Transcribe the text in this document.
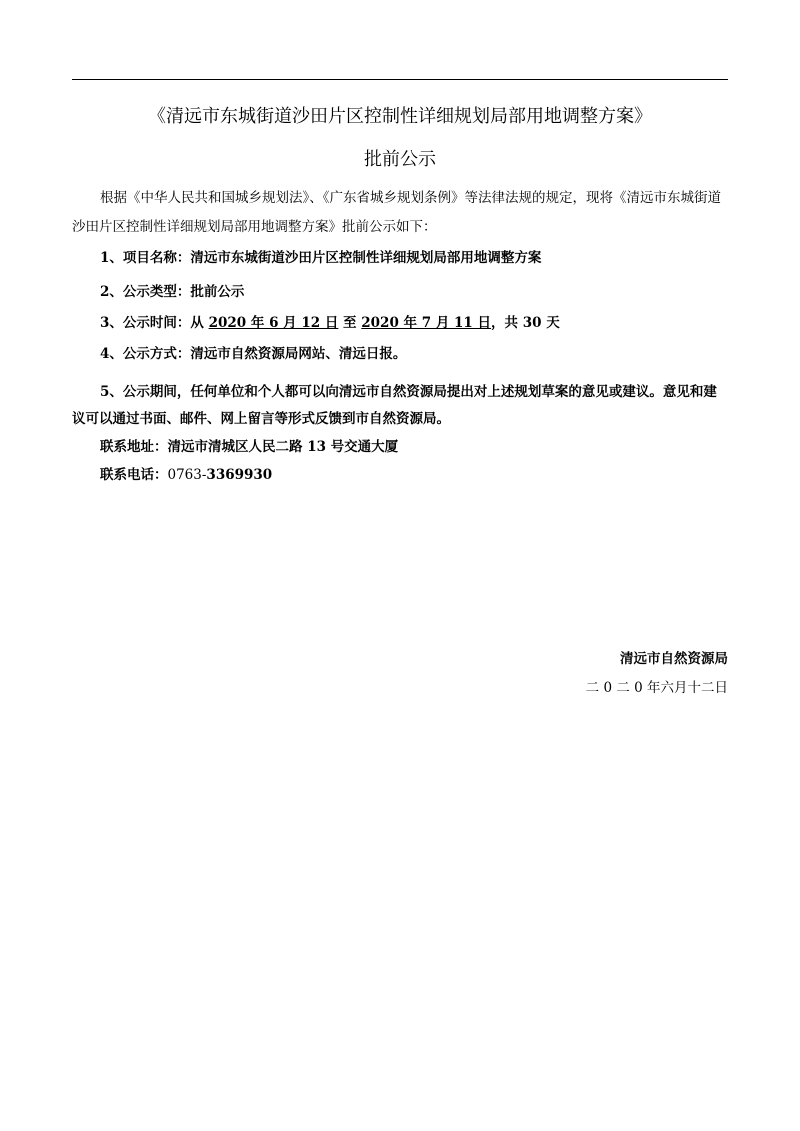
《清远市东城街道沙田片区控制性详细规划局部用地调整方案》
批前公示
根据《中华人民共和国城乡规划法》、《广东省城乡规划条例》等法律法规的规定，现将《清远市东城街道沙田片区控制性详细规划局部用地调整方案》批前公示如下：
1、项目名称：清远市东城街道沙田片区控制性详细规划局部用地调整方案
2、公示类型：批前公示
3、公示时间：从 2020 年 6 月 12 日 至 2020 年 7 月 11 日，共 30 天
4、公示方式：清远市自然资源局网站、清远日报。
5、公示期间，任何单位和个人都可以向清远市自然资源局提出对上述规划草案的意见或建议。意见和建议可以通过书面、邮件、网上留言等形式反馈到市自然资源局。
联系地址：清远市清城区人民二路 13 号交通大厦
联系电话：0763-3369930
清远市自然资源局
二 0 二 0 年六月十二日
